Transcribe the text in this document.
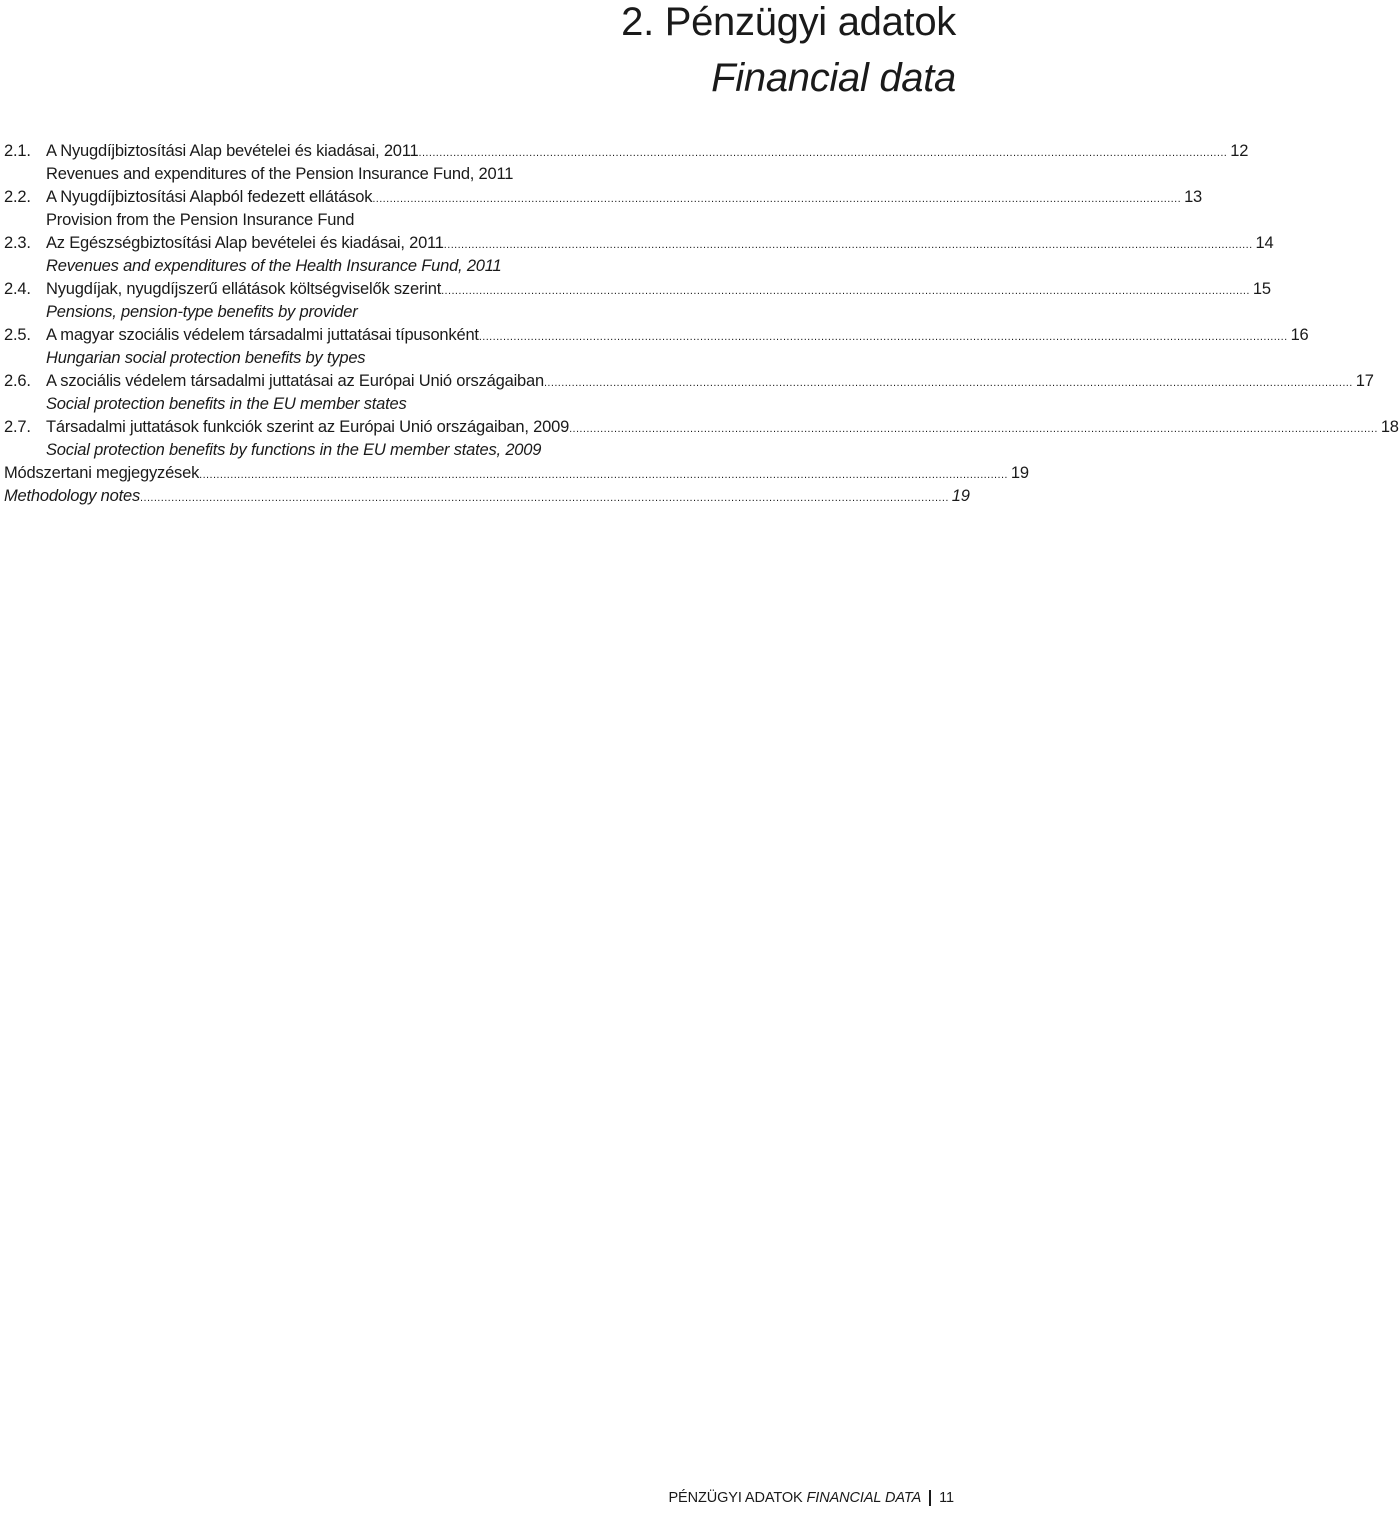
2. Pénzügyi adatok
Financial data
2.1. A Nyugdíjbiztosítási Alap bevételei és kiadásai, 2011 .......................................................................................................................................................................................................................................... 12
Revenues and expenditures of the Pension Insurance Fund, 2011
2.2. A Nyugdíjbiztosítási Alapból fedezett ellátások .......................................................................................................................................................................................................................................... 13
Provision from the Pension Insurance Fund
2.3. Az Egészségbiztosítási Alap bevételei és kiadásai, 2011 .......................................................................................................................................................................................................................................... 14
Revenues and expenditures of the Health Insurance Fund, 2011
2.4. Nyugdíjak, nyugdíjszerű ellátások költségviselők szerint .......................................................................................................................................................................................................................................... 15
Pensions, pension-type benefits by provider
2.5. A magyar szociális védelem társadalmi juttatásai típusonként .......................................................................................................................................................................................................................................... 16
Hungarian social protection benefits by types
2.6. A szociális védelem társadalmi juttatásai az Európai Unió országaiban .......................................................................................................................................................................................................................................... 17
Social protection benefits in the EU member states
2.7. Társadalmi juttatások funkciók szerint az Európai Unió országaiban, 2009 .......................................................................................................................................................................................................................................... 18
Social protection benefits by functions in the EU member states, 2009
Módszertani megjegyzések .......................................................................................................................................................................................................................................... 19
Methodology notes .......................................................................................................................................................................................................................................... 19
PÉNZÜGYI ADATOK
FINANCIAL DATA 11
